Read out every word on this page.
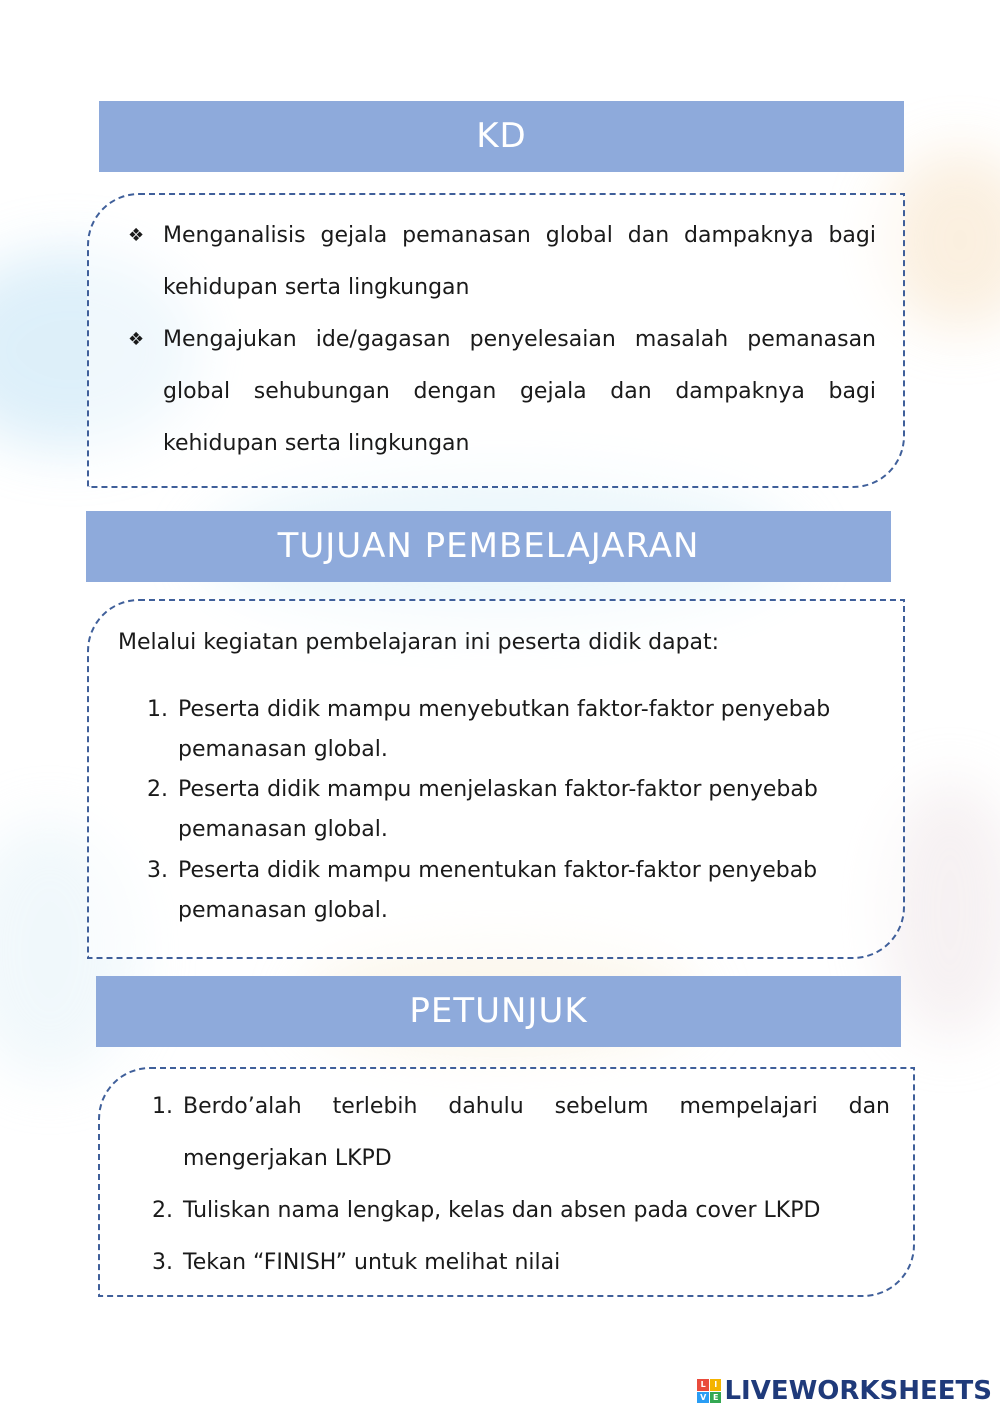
KD
❖ Menganalisis gejala pemanasan global dan dampaknya bagi
kehidupan serta lingkungan
❖ Mengajukan ide/gagasan penyelesaian masalah pemanasan
global sehubungan dengan gejala dan dampaknya bagi
kehidupan serta lingkungan
TUJUAN PEMBELAJARAN
Melalui kegiatan pembelajaran ini peserta didik dapat:
1. Peserta didik mampu menyebutkan faktor-faktor penyebab
pemanasan global.
2. Peserta didik mampu menjelaskan faktor-faktor penyebab
pemanasan global.
3. Peserta didik mampu menentukan faktor-faktor penyebab
pemanasan global.
PETUNJUK
1. Berdo’alah terlebih dahulu sebelum mempelajari dan
mengerjakan LKPD
2. Tuliskan nama lengkap, kelas dan absen pada cover LKPD
3. Tekan “FINISH” untuk melihat nilai
L	I
V E LIVEWORKSHEETS
